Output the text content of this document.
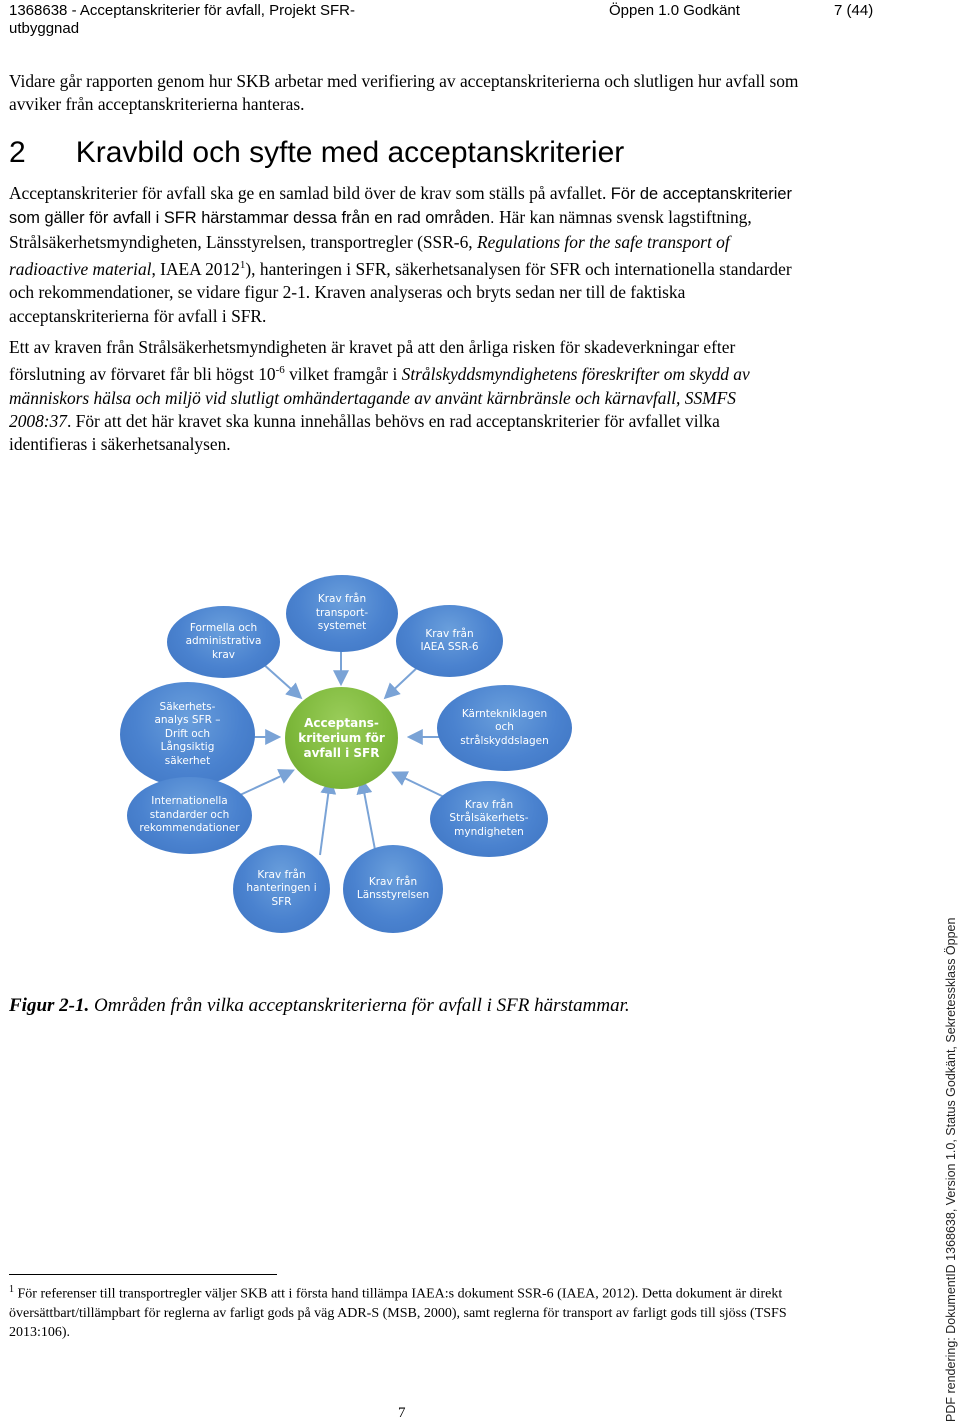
1368638 - Acceptanskriterier för avfall, Projekt SFR-
utbyggnad
Öppen 1.0 Godkänt	7 (44)
Vidare går rapporten genom hur SKB arbetar med verifiering av acceptanskriterierna och slutligen hur avfall som avviker från acceptanskriterierna hanteras.
2 Kravbild och syfte med acceptanskriterier
Acceptanskriterier för avfall ska ge en samlad bild över de krav som ställs på avfallet. För de acceptanskriterier som gäller för avfall i SFR härstammar dessa från en rad områden. Här kan nämnas svensk lagstiftning, Strålsäkerhetsmyndigheten, Länsstyrelsen, transportregler (SSR-6, Regulations for the safe transport of radioactive material, IAEA 2012$^1$), hanteringen i SFR, säkerhetsanalysen för SFR och internationella standarder och rekommendationer, se vidare figur 2-1. Kraven analyseras och bryts sedan ner till de faktiska acceptanskriterierna för avfall i SFR.
Ett av kraven från Strålsäkerhetsmyndigheten är kravet på att den årliga risken för skadeverkningar efter förslutning av förvaret får bli högst $10^{-6}$ vilket framgår i Strålskyddsmyndighetens föreskrifter om skydd av människors hälsa och miljö vid slutligt omhändertagande av använt kärnbränsle och kärnavfall, SSMFS 2008:37. För att det här kravet ska kunna innehållas behövs en rad acceptanskriterier för avfallet vilka identifieras i säkerhetsanalysen.
Formella och
administrativa
krav
Krav från
transport-
systemet
Krav från
IAEA SSR-6
Säkerhets-
analys SFR –
Drift och
Långsiktig
säkerhet
Acceptans-
kriterium för
avfall i SFR
Kärntekniklagen
och
strålskyddslagen
Internationella
standarder och
rekommendationer
Krav från
Strålsäkerhets-
myndigheten
Krav från
hanteringen i
SFR
Krav från
Länsstyrelsen
Figur 2-1. Områden från vilka acceptanskriterierna för avfall i SFR härstammar.
$^1$ För referenser till transportregler väljer SKB att i första hand tillämpa IAEA:s dokument SSR-6 (IAEA, 2012). Detta dokument är direkt översättbart/tillämpbart för reglerna av farligt gods på väg ADR-S (MSB, 2000), samt reglerna för transport av farligt gods till sjöss (TSFS 2013:106).
7	PDF rendering: DokumentID 1368638, Version 1.0, Status Godkänt, Sekretessklass Öppen
